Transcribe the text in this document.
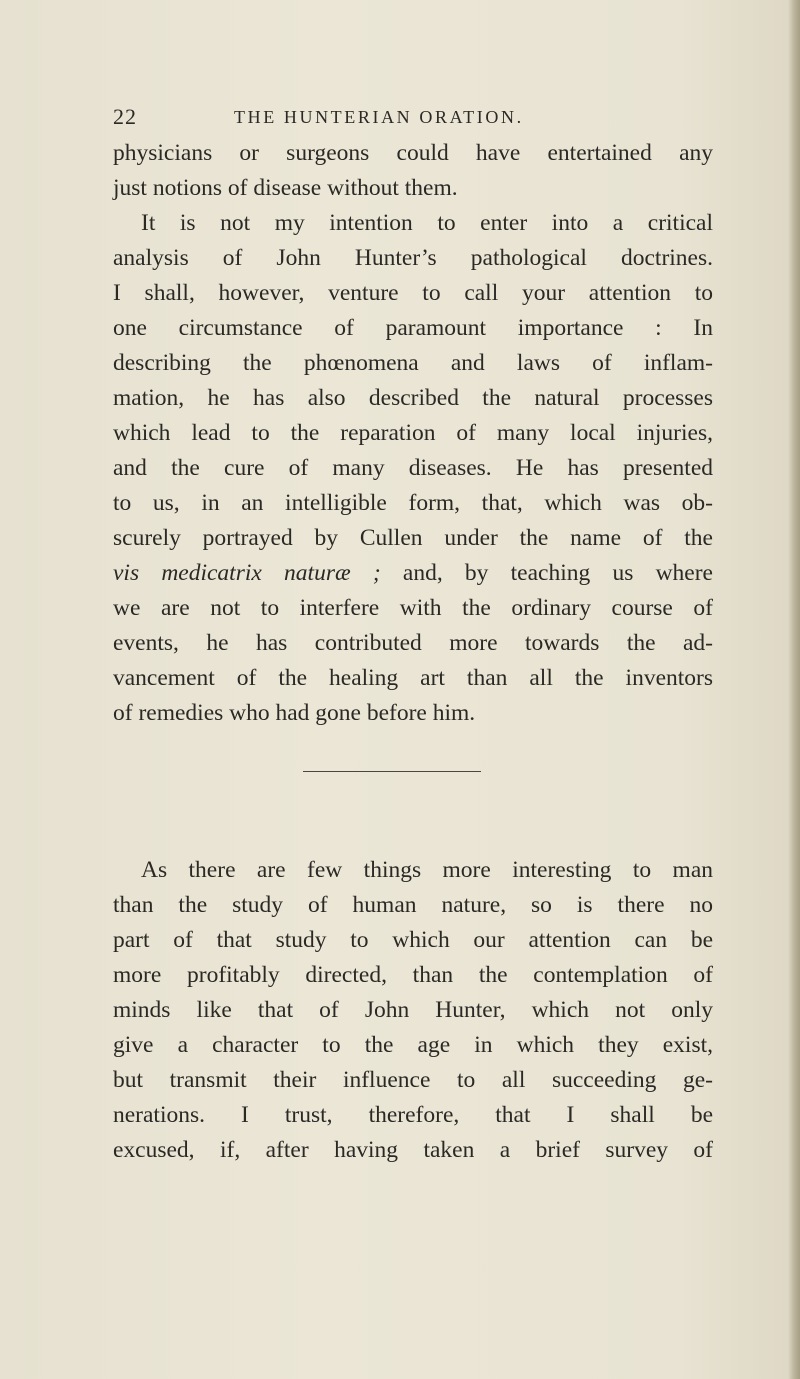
22	THE HUNTERIAN ORATION.
physicians or surgeons could have entertained any
just notions of disease without them.
It is not my intention to enter into a critical
analysis of John Hunter’s pathological doctrines.
I shall, however, venture to call your attention to
one circumstance of paramount importance : In
describing the phœnomena and laws of inflam-
mation, he has also described the natural processes
which lead to the reparation of many local injuries,
and the cure of many diseases. He has presented
to us, in an intelligible form, that, which was ob-
scurely portrayed by Cullen under the name of the
vis medicatrix naturæ ; and, by teaching us where
we are not to interfere with the ordinary course of
events, he has contributed more towards the ad-
vancement of the healing art than all the inventors
of remedies who had gone before him.
As there are few things more interesting to man
than the study of human nature, so is there no
part of that study to which our attention can be
more profitably directed, than the contemplation of
minds like that of John Hunter, which not only
give a character to the age in which they exist,
but transmit their influence to all succeeding ge-
nerations. I trust, therefore, that I shall be
excused, if, after having taken a brief survey of
